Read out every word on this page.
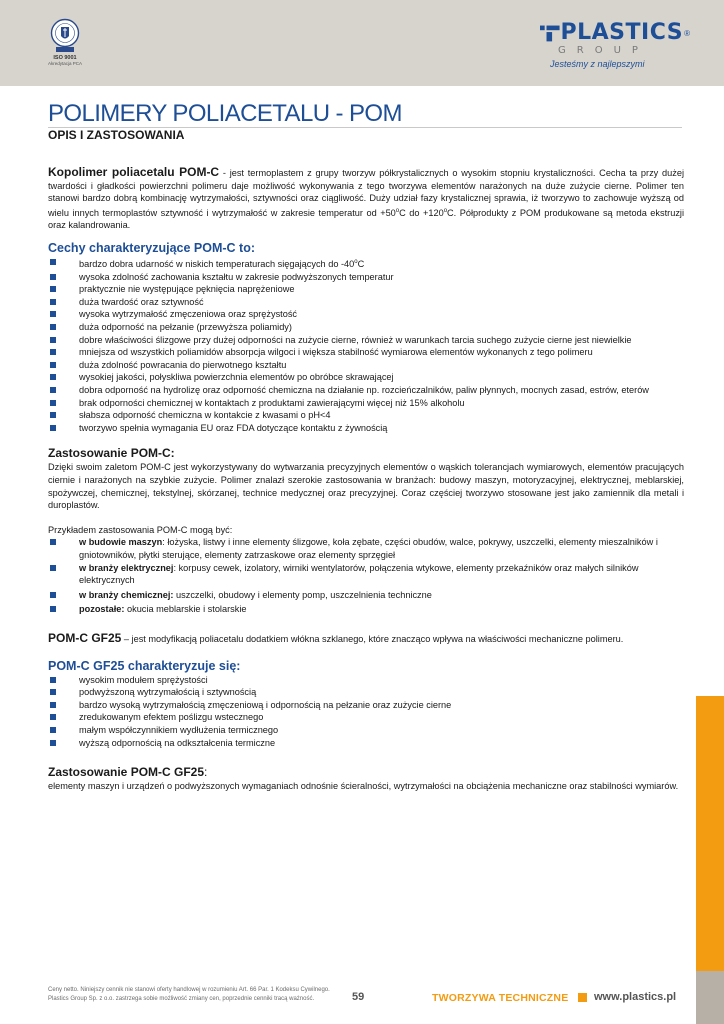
ISO 9001
Akredytacja PCA
PLASTICS ®
GROUP
Jesteśmy z najlepszymi
POLIMERY POLIACETALU - POM
OPIS I ZASTOSOWANIA

Kopolimer poliacetalu POM-C - jest termoplastem z grupy tworzyw półkrystalicznych o wysokim stopniu krystaliczności. Cecha ta przy dużej twardości i gładkości powierzchni polimeru daje możliwość wykonywania z tego tworzywa elementów narażonych na duże zużycie cierne. Polimer ten stanowi bardzo dobrą kombinację wytrzymałości, sztywności oraz ciągliwość. Duży udział fazy krystalicznej sprawia, iż tworzywo to zachowuje wyższą od wielu innych termoplastów sztywność i wytrzymałość w zakresie temperatur od $+50^oC$ do $+120^oC$. Półprodukty z POM produkowane są metoda ekstruzji oraz kalandrowania.

Cechy charakteryzujące POM-C to:
bardzo dobra udarność w niskich temperaturach sięgających do -40$^o$C
wysoka zdolność zachowania kształtu w zakresie podwyższonych temperatur
praktycznie nie występujące pęknięcia naprężeniowe
duża twardość oraz sztywność
wysoka wytrzymałość zmęczeniowa oraz sprężystość
duża odporność na pełzanie (przewyższa poliamidy)
dobre właściwości ślizgowe przy dużej odporności na zużycie cierne, również w warunkach tarcia suchego zużycie cierne jest niewielkie
mniejsza od wszystkich poliamidów absorpcja wilgoci i większa stabilność wymiarowa elementów wykonanych z tego polimeru
duża zdolność powracania do pierwotnego kształtu
wysokiej jakości, połyskliwa powierzchnia elementów po obróbce skrawającej
dobra odporność na hydrolizę oraz odporność chemiczna na działanie np. rozcieńczalników, paliw płynnych, mocnych zasad, estrów, eterów
brak odporności chemicznej w kontaktach z produktami zawierającymi więcej niż 15% alkoholu
słabsza odporność chemiczna w kontakcie z kwasami o pH<4
tworzywo spełnia wymagania EU oraz FDA dotyczące kontaktu z żywnością
Zastosowanie POM-C:

Dzięki swoim zaletom POM-C jest wykorzystywany do wytwarzania precyzyjnych elementów o wąskich tolerancjach wymiarowych, elementów pracujących ciernie i narażonych na szybkie zużycie. Polimer znalazł szerokie zastosowania w branżach: budowy maszyn, motoryzacyjnej, elektrycznej, meblarskiej, spożywczej, chemicznej, tekstylnej, skórzanej, technice medycznej oraz precyzyjnej. Coraz częściej tworzywo stosowane jest jako zamiennik dla metali i duroplastów.

Przykładem zastosowania POM-C mogą być:

w budowie maszyn: łożyska, listwy i inne elementy ślizgowe, koła zębate, części obudów, walce, pokrywy, uszczelki, elementy mieszalników i gniotowników, płytki sterujące, elementy zatrzaskowe oraz elementy sprzęgieł
w branży elektrycznej: korpusy cewek, izolatory, wirniki wentylatorów, połączenia wtykowe, elementy przekaźników oraz małych silników elektrycznych
w branży chemicznej: uszczelki, obudowy i elementy pomp, uszczelnienia techniczne
pozostałe: okucia meblarskie i stolarskie

POM-C GF25 – jest modyfikacją poliacetalu dodatkiem włókna szklanego, które znacząco wpływa na właściwości mechaniczne polimeru.

POM-C GF25 charakteryzuje się:
wysokim modułem sprężystości
podwyższoną wytrzymałością i sztywnością
bardzo wysoką wytrzymałością zmęczeniową i odpornością na pełzanie oraz zużycie cierne
zredukowanym efektem poślizgu wstecznego
małym współczynnikiem wydłużenia termicznego
wyższą odpornością na odkształcenia termiczne
Zastosowanie POM-C GF25:

elementy maszyn i urządzeń o podwyższonych wymaganiach odnośnie ścieralności, wytrzymałości na obciążenia mechaniczne oraz stabilności wymiarów.

Ceny netto. Niniejszy cennik nie stanowi oferty handlowej w rozumieniu Art. 66 Par. 1 Kodeksu Cywilnego. Plastics Group Sp. z o.o. zastrzega sobie możliwość zmiany cen, poprzednie cenniki tracą ważność.	59	TWORZYWA TECHNICZNE www.plastics.pl
